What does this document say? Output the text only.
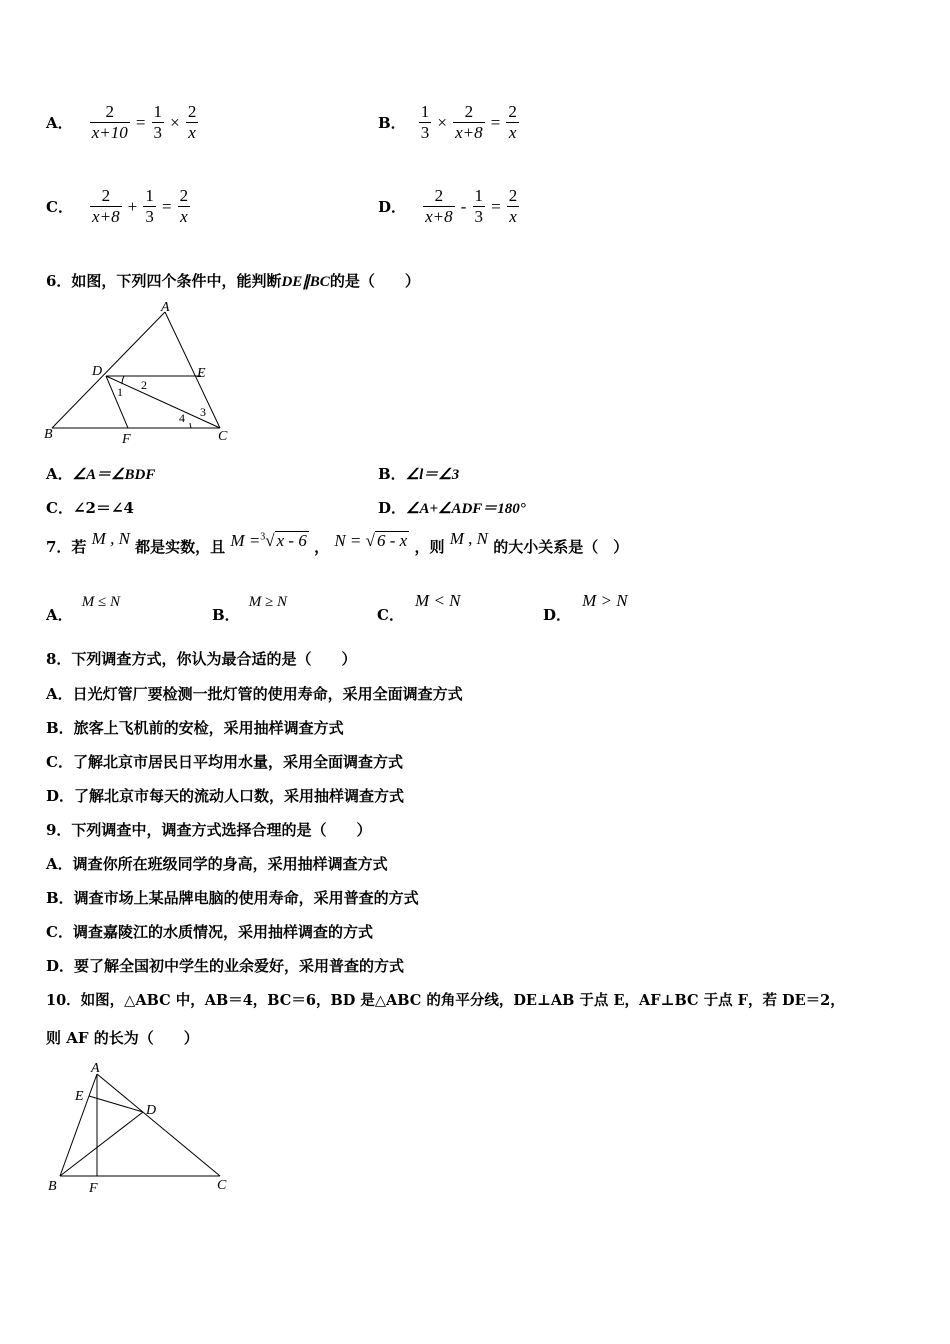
A． $\frac{2}{x+10} = \frac{1}{3} \times \frac{2}{x}$	B． $\frac{1}{3} \times \frac{2}{x+8} = \frac{2}{x}$
C． $\frac{2}{x+8} + \frac{1}{3} = \frac{2}{x}$	D． $\frac{2}{x+8} - \frac{1}{3} = \frac{2}{x}$
6．如图，下列四个条件中，能判断DE∥BC的是（　　）
A
D	E
B	F	C
1 2
3
4
A．∠A＝∠BDF	B．∠l＝∠3
C．∠2＝∠4	D．∠A+∠ADF＝180°
7．若 M , N 都是实数，且 M =$^3$√ x - 6 ， N = √ 6 - x ，则 M , N 的大小关系是（　）
A． M ≤ N
B． M ≥ N
C． M < N
D． M > N
8．下列调查方式，你认为最合适的是（　　）
A．日光灯管厂要检测一批灯管的使用寿命，采用全面调查方式
B．旅客上飞机前的安检，采用抽样调查方式
C．了解北京市居民日平均用水量，采用全面调查方式
D．了解北京市每天的流动人口数，采用抽样调查方式
9．下列调查中，调查方式选择合理的是（　　）
A．调查你所在班级同学的身高，采用抽样调查方式
B．调查市场上某品牌电脑的使用寿命，采用普查的方式
C．调查嘉陵江的水质情况，采用抽样调查的方式
D．要了解全国初中学生的业余爱好，采用普查的方式
10．如图，△ABC 中，AB＝4，BC＝6，BD 是△ABC 的角平分线，DE⊥AB 于点 E，AF⊥BC 于点 F，若 DE＝2，
则 AF 的长为（　　）
A
E
D
B F	C
